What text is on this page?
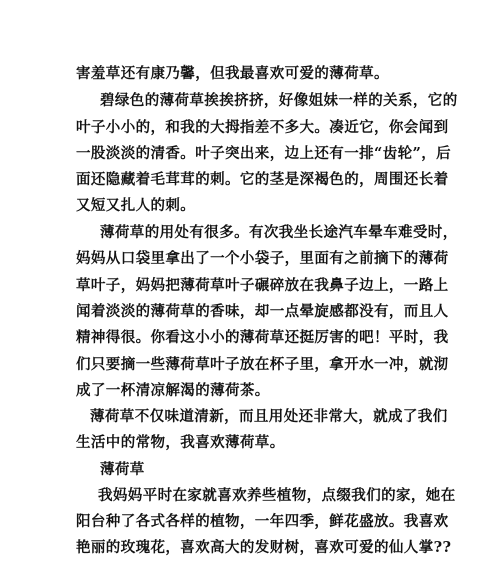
害羞草还有康乃馨，但我最喜欢可爱的薄荷草。
碧绿色的薄荷草挨挨挤挤，好像姐妹一样的关系，它的
叶子小小的，和我的大拇指差不多大。凑近它，你会闻到
一股淡淡的清香。叶子突出来，边上还有一排“齿轮”，后
面还隐藏着毛茸茸的刺。它的茎是深褐色的，周围还长着
又短又扎人的刺。
薄荷草的用处有很多。有次我坐长途汽车晕车难受时，
妈妈从口袋里拿出了一个小袋子，里面有之前摘下的薄荷
草叶子，妈妈把薄荷草叶子碾碎放在我鼻子边上，一路上
闻着淡淡的薄荷草的香味，却一点晕旋感都没有，而且人
精神得很。你看这小小的薄荷草还挺厉害的吧！平时，我
们只要摘一些薄荷草叶子放在杯子里，拿开水一冲，就沏
成了一杯清凉解渴的薄荷茶。
薄荷草不仅味道清新，而且用处还非常大，就成了我们
生活中的常物，我喜欢薄荷草。
薄荷草
我妈妈平时在家就喜欢养些植物，点缀我们的家，她在
阳台种了各式各样的植物，一年四季，鲜花盛放。我喜欢
艳丽的玫瑰花，喜欢高大的发财树，喜欢可爱的仙人掌??
